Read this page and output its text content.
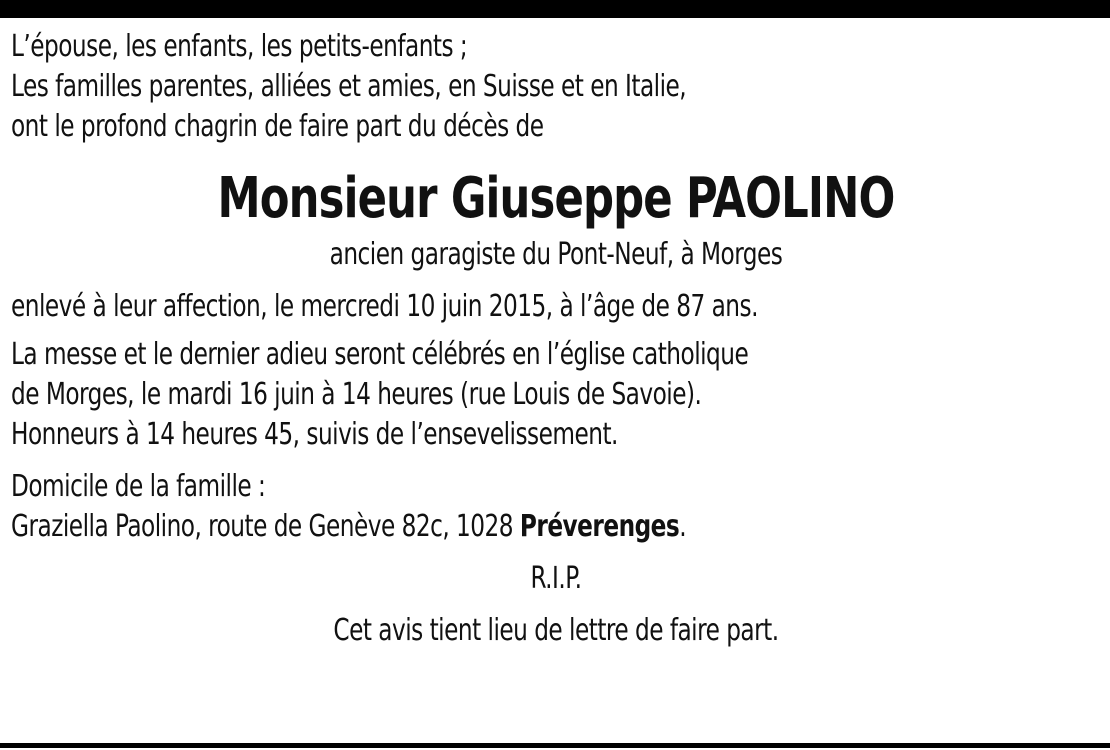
L’épouse, les enfants, les petits-enfants ;
Les familles parentes, alliées et amies, en Suisse et en Italie,
ont le profond chagrin de faire part du décès de
Monsieur Giuseppe PAOLINO
ancien garagiste du Pont-Neuf, à Morges
enlevé à leur affection, le mercredi 10 juin 2015, à l’âge de 87 ans.
La messe et le dernier adieu seront célébrés en l’église catholique
de Morges, le mardi 16 juin à 14 heures (rue Louis de Savoie).
Honneurs à 14 heures 45, suivis de l’ensevelissement.
Domicile de la famille :
Graziella Paolino, route de Genève 82c, 1028 Préverenges.
R.I.P.
Cet avis tient lieu de lettre de faire part.
